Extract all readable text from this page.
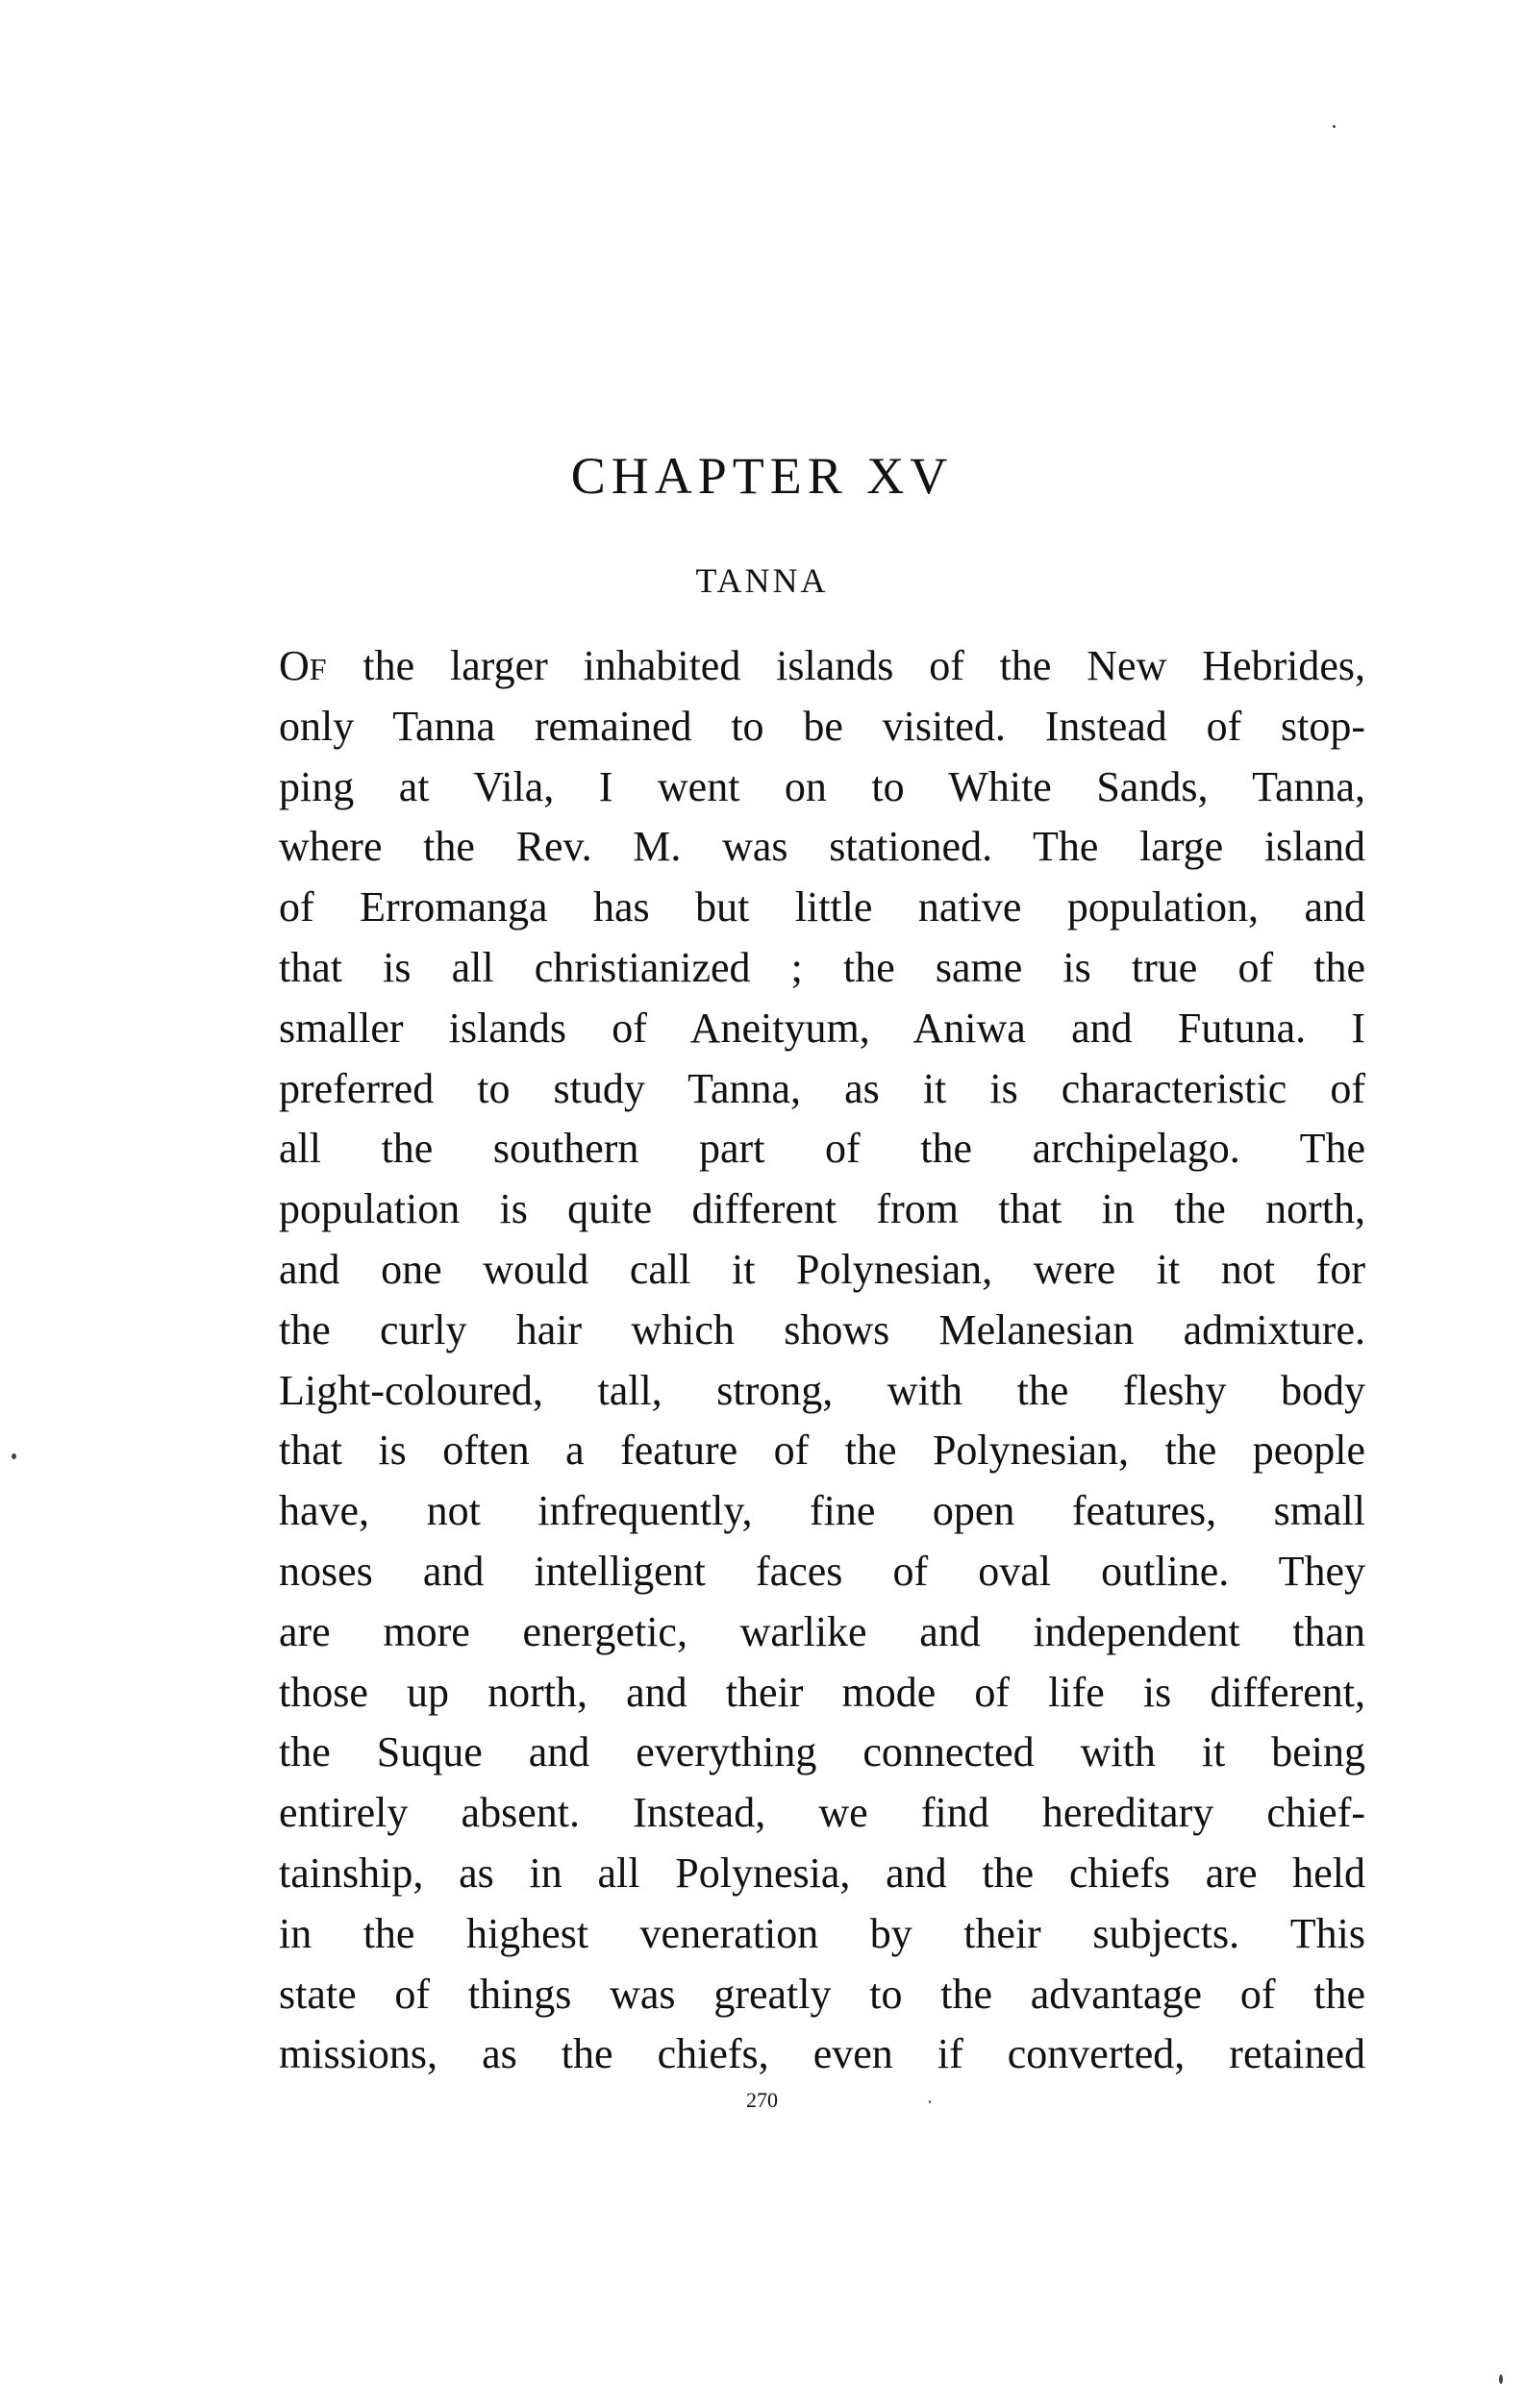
CHAPTER XV
TANNA
OF the larger inhabited islands of the New Hebrides,
only Tanna remained to be visited. Instead of stop-
ping at Vila, I went on to White Sands, Tanna,
where the Rev. M. was stationed. The large island
of Erromanga has but little native population, and
that is all christianized ; the same is true of the
smaller islands of Aneityum, Aniwa and Futuna. I
preferred to study Tanna, as it is characteristic of
all the southern part of the archipelago. The
population is quite different from that in the north,
and one would call it Polynesian, were it not for
the curly hair which shows Melanesian admixture.
Light-coloured, tall, strong, with the fleshy body
that is often a feature of the Polynesian, the people
have, not infrequently, fine open features, small
noses and intelligent faces of oval outline. They
are more energetic, warlike and independent than
those up north, and their mode of life is different,
the Suque and everything connected with it being
entirely absent. Instead, we find hereditary chief-
tainship, as in all Polynesia, and the chiefs are held
in the highest veneration by their subjects. This
state of things was greatly to the advantage of the
missions, as the chiefs, even if converted, retained

270
